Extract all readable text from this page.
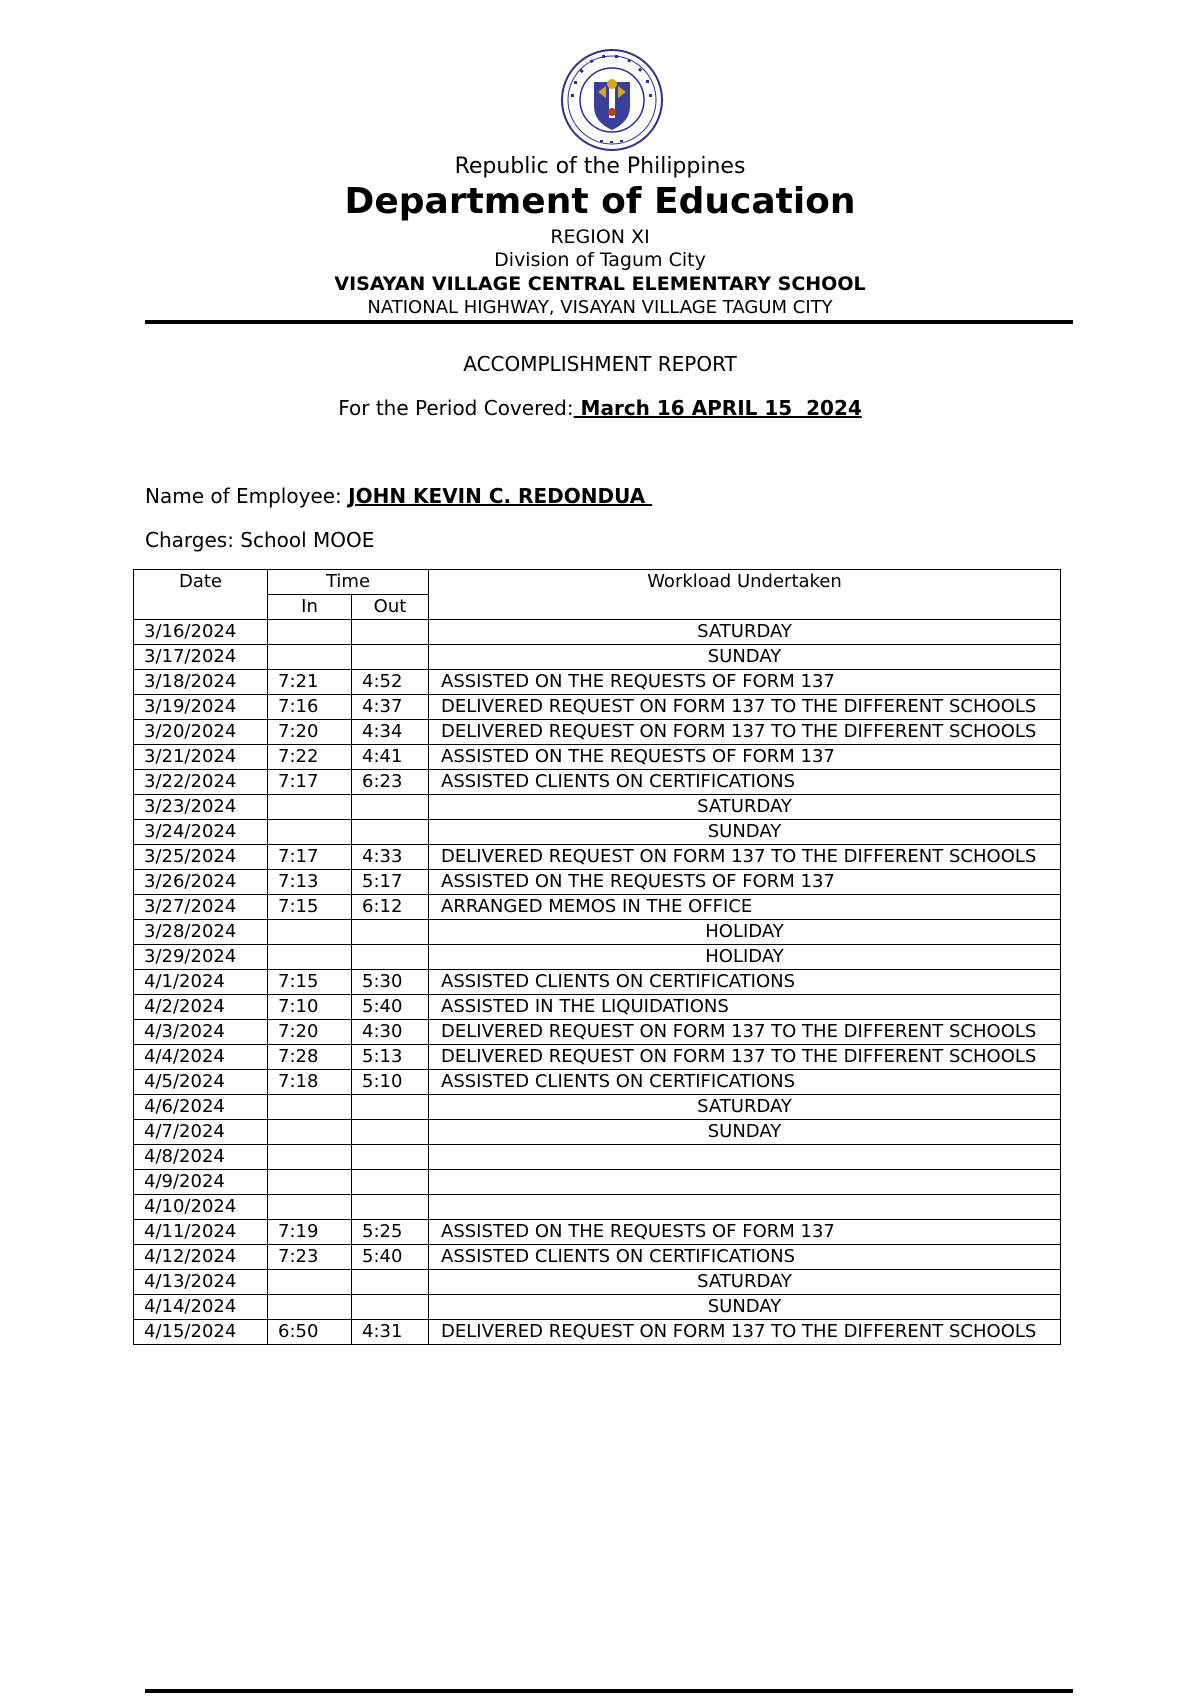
Republic of the Philippines
Department of Education
REGION XI
Division of Tagum City
VISAYAN VILLAGE CENTRAL ELEMENTARY SCHOOL
NATIONAL HIGHWAY, VISAYAN VILLAGE TAGUM CITY
ACCOMPLISHMENT REPORT
For the Period Covered: March 16 APRIL 15  2024
Name of Employee: JOHN KEVIN C. REDONDUA
Charges: School MOOE
Date	Time		Workload Undertaken
	In	Out	
3/16/2024			SATURDAY
3/17/2024			SUNDAY
3/18/2024	7:21	4:52	ASSISTED ON THE REQUESTS OF FORM 137
3/19/2024	7:16	4:37	DELIVERED REQUEST ON FORM 137 TO THE DIFFERENT SCHOOLS
3/20/2024	7:20	4:34	DELIVERED REQUEST ON FORM 137 TO THE DIFFERENT SCHOOLS
3/21/2024	7:22	4:41	ASSISTED ON THE REQUESTS OF FORM 137
3/22/2024	7:17	6:23	ASSISTED CLIENTS ON CERTIFICATIONS
3/23/2024			SATURDAY
3/24/2024			SUNDAY
3/25/2024	7:17	4:33	DELIVERED REQUEST ON FORM 137 TO THE DIFFERENT SCHOOLS
3/26/2024	7:13	5:17	ASSISTED ON THE REQUESTS OF FORM 137
3/27/2024	7:15	6:12	ARRANGED MEMOS IN THE OFFICE
3/28/2024			HOLIDAY
3/29/2024			HOLIDAY
4/1/2024	7:15	5:30	ASSISTED CLIENTS ON CERTIFICATIONS
4/2/2024	7:10	5:40	ASSISTED IN THE LIQUIDATIONS
4/3/2024	7:20	4:30	DELIVERED REQUEST ON FORM 137 TO THE DIFFERENT SCHOOLS
4/4/2024	7:28	5:13	DELIVERED REQUEST ON FORM 137 TO THE DIFFERENT SCHOOLS
4/5/2024	7:18	5:10	ASSISTED CLIENTS ON CERTIFICATIONS
4/6/2024			SATURDAY
4/7/2024			SUNDAY
4/8/2024			
4/9/2024			
4/10/2024			
4/11/2024	7:19	5:25	ASSISTED ON THE REQUESTS OF FORM 137
4/12/2024	7:23	5:40	ASSISTED CLIENTS ON CERTIFICATIONS
4/13/2024			SATURDAY
4/14/2024			SUNDAY
4/15/2024	6:50	4:31	DELIVERED REQUEST ON FORM 137 TO THE DIFFERENT SCHOOLS
